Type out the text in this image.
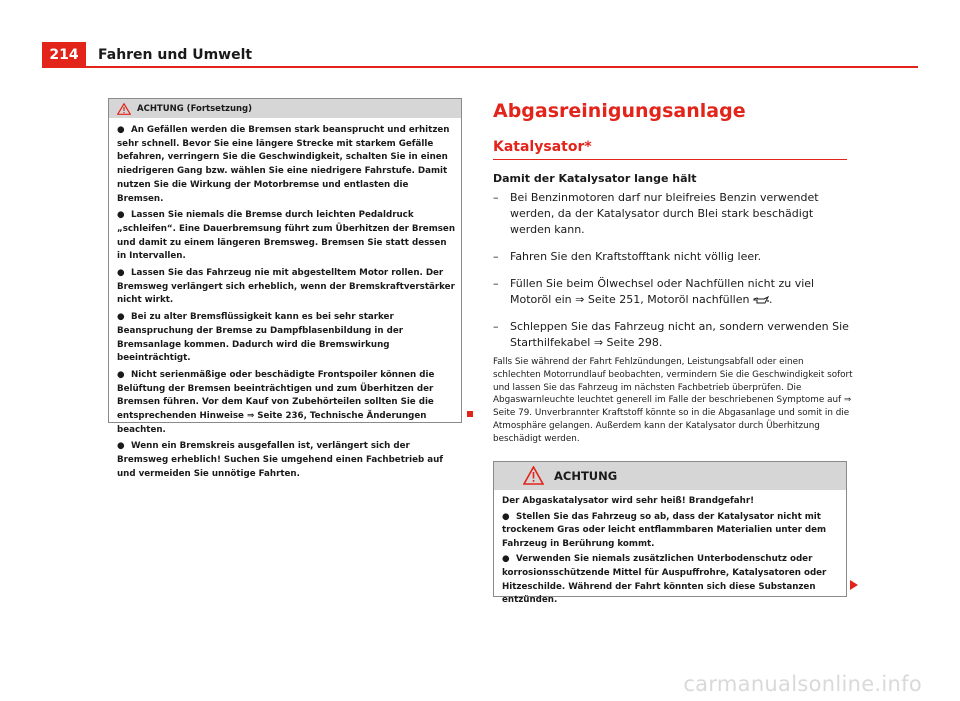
214	Fahren und Umwelt
ACHTUNG (Fortsetzung)

● An Gefällen werden die Bremsen stark beansprucht und erhitzen sehr schnell. Bevor Sie eine längere Strecke mit starkem Gefälle befahren, verringern Sie die Geschwindigkeit, schalten Sie in einen niedrigeren Gang bzw. wählen Sie eine niedrigere Fahrstufe. Damit nutzen Sie die Wirkung der Motorbremse und entlasten die Bremsen.

● Lassen Sie niemals die Bremse durch leichten Pedaldruck „schleifen“. Eine Dauerbremsung führt zum Überhitzen der Bremsen und damit zu einem längeren Bremsweg. Bremsen Sie statt dessen in Intervallen.

● Lassen Sie das Fahrzeug nie mit abgestelltem Motor rollen. Der Bremsweg verlängert sich erheblich, wenn der Bremskraftverstärker nicht wirkt.

● Bei zu alter Bremsflüssigkeit kann es bei sehr starker Beanspruchung der Bremse zu Dampfblasenbildung in der Bremsanlage kommen. Dadurch wird die Bremswirkung beeinträchtigt.

● Nicht serienmäßige oder beschädigte Frontspoiler können die Belüftung der Bremsen beeinträchtigen und zum Überhitzen der Bremsen führen. Vor dem Kauf von Zubehörteilen sollten Sie die entsprechenden Hinweise ⇒ Seite 236, Technische Änderungen beachten.

● Wenn ein Bremskreis ausgefallen ist, verlängert sich der Bremsweg erheblich! Suchen Sie umgehend einen Fachbetrieb auf und vermeiden Sie unnötige Fahrten.

Abgasreinigungsanlage
Katalysator*
Damit der Katalysator lange hält
– Bei Benzinmotoren darf nur bleifreies Benzin verwendet werden, da der Katalysator durch Blei stark beschädigt werden kann.
– Fahren Sie den Kraftstofftank nicht völlig leer.
– Füllen Sie beim Ölwechsel oder Nachfüllen nicht zu viel Motoröl ein ⇒ Seite 251, Motoröl nachfüllen .
– Schleppen Sie das Fahrzeug nicht an, sondern verwenden Sie Starthilfekabel ⇒ Seite 298.
Falls Sie während der Fahrt Fehlzündungen, Leistungsabfall oder einen schlechten Motorrundlauf beobachten, vermindern Sie die Geschwindigkeit sofort und lassen Sie das Fahrzeug im nächsten Fachbetrieb überprüfen. Die Abgaswarnleuchte leuchtet generell im Falle der beschriebenen Symptome auf ⇒ Seite 79. Unverbrannter Kraftstoff könnte so in die Abgasanlage und somit in die Atmosphäre gelangen. Außerdem kann der Katalysator durch Überhitzung beschädigt werden.
ACHTUNG

Der Abgaskatalysator wird sehr heiß! Brandgefahr!

● Stellen Sie das Fahrzeug so ab, dass der Katalysator nicht mit trockenem Gras oder leicht entflammbaren Materialien unter dem Fahrzeug in Berührung kommt.

● Verwenden Sie niemals zusätzlichen Unterbodenschutz oder korrosionsschützende Mittel für Auspuffrohre, Katalysatoren oder Hitzeschilde. Während der Fahrt könnten sich diese Substanzen entzünden.

carmanualsonline.info
